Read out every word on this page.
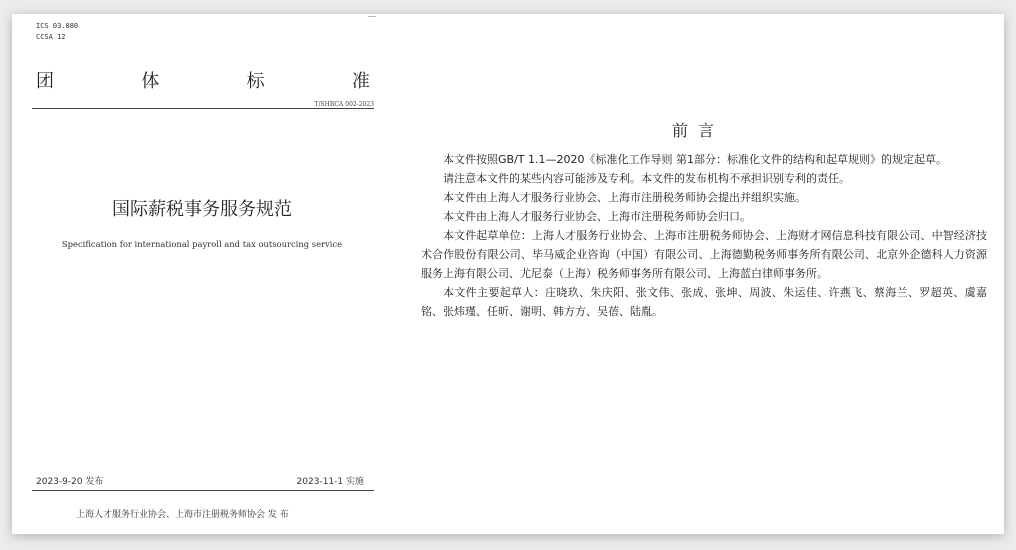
ICS 03.080
CCSA 12
团	体	标	准
T/SHRCA 002-2023
国际薪税事务服务规范
Specification for international payroll and tax outsourcing service
2023-9-20 发布	2023-11-1 实施
上海人才服务行业协会、上海市注册税务师协会 发 布
前言

本文件按照GB/T 1.1—2020《标准化工作导则 第1部分：标准化文件的结构和起草规则》的规定起草。

请注意本文件的某些内容可能涉及专利。本文件的发布机构不承担识别专利的责任。

本文件由上海人才服务行业协会、上海市注册税务师协会提出并组织实施。

本文件由上海人才服务行业协会、上海市注册税务师协会归口。

本文件起草单位：上海人才服务行业协会、上海市注册税务师协会、上海财才网信息科技有限公司、中智经济技术合作股份有限公司、毕马威企业咨询（中国）有限公司、上海德勤税务师事务所有限公司、北京外企德科人力资源服务上海有限公司、尤尼泰（上海）税务师事务所有限公司、上海蓝白律师事务所。

本文件主要起草人：庄晓玖、朱庆阳、张文伟、张成、张坤、周波、朱运佳、许燕飞、蔡海兰、罗超英、虞嘉铭、张炜瑾、任昕、谢明、韩方方、吴蓓、陆胤。
